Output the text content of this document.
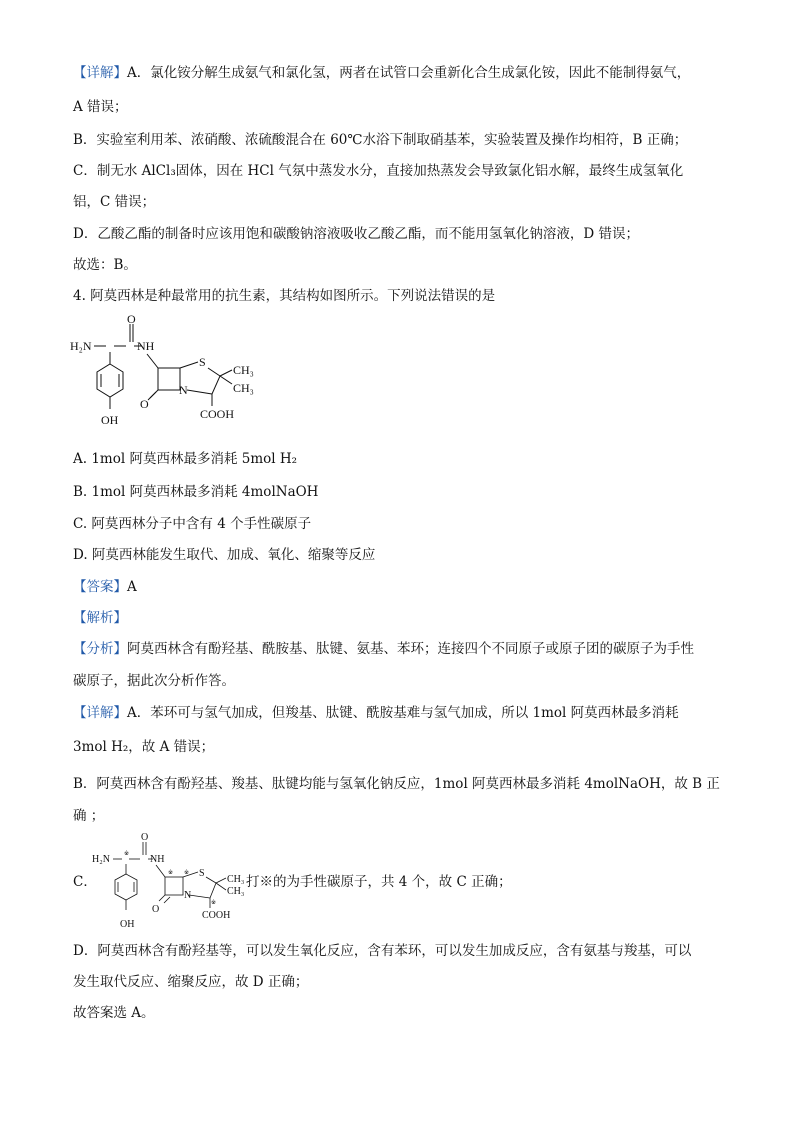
【详解】A．氯化铵分解生成氨气和氯化氢，两者在试管口会重新化合生成氯化铵，因此不能制得氨气，
A 错误；
B．实验室利用苯、浓硝酸、浓硫酸混合在 60℃水浴下制取硝基苯，实验装置及操作均相符，B 正确；
C．制无水 AlCl₃固体，因在 HCl 气氛中蒸发水分，直接加热蒸发会导致氯化铝水解，最终生成氢氧化
铝，C 错误；
D．乙酸乙酯的制备时应该用饱和碳酸钠溶液吸收乙酸乙酯，而不能用氢氧化钠溶液，D 错误；
故选：B。
4. 阿莫西林是种最常用的抗生素，其结构如图所示。下列说法错误的是
H₂N
O
NH
S
CH₃
CH₃
N
O
COOH
OH
A. 1mol 阿莫西林最多消耗 5mol H₂
B. 1mol 阿莫西林最多消耗 4molNaOH
C. 阿莫西林分子中含有 4 个手性碳原子
D. 阿莫西林能发生取代、加成、氧化、缩聚等反应
【答案】A
【解析】
【分析】阿莫西林含有酚羟基、酰胺基、肽键、氨基、苯环；连接四个不同原子或原子团的碳原子为手性
碳原子，据此次分析作答。
【详解】A．苯环可与氢气加成，但羧基、肽键、酰胺基难与氢气加成，所以 1mol 阿莫西林最多消耗
3mol H₂，故 A 错误；
B．阿莫西林含有酚羟基、羧基、肽键均能与氢氧化钠反应，1mol 阿莫西林最多消耗 4molNaOH，故 B 正
确 ；
C．
H₂N ※
O
NH
※ ※ S
CH₃
CH₃
N
※
O
COOH
OH
打※的为手性碳原子，共 4 个，故 C 正确；
D．阿莫西林含有酚羟基等，可以发生氧化反应，含有苯环，可以发生加成反应，含有氨基与羧基，可以
发生取代反应、缩聚反应，故 D 正确；
故答案选 A。
